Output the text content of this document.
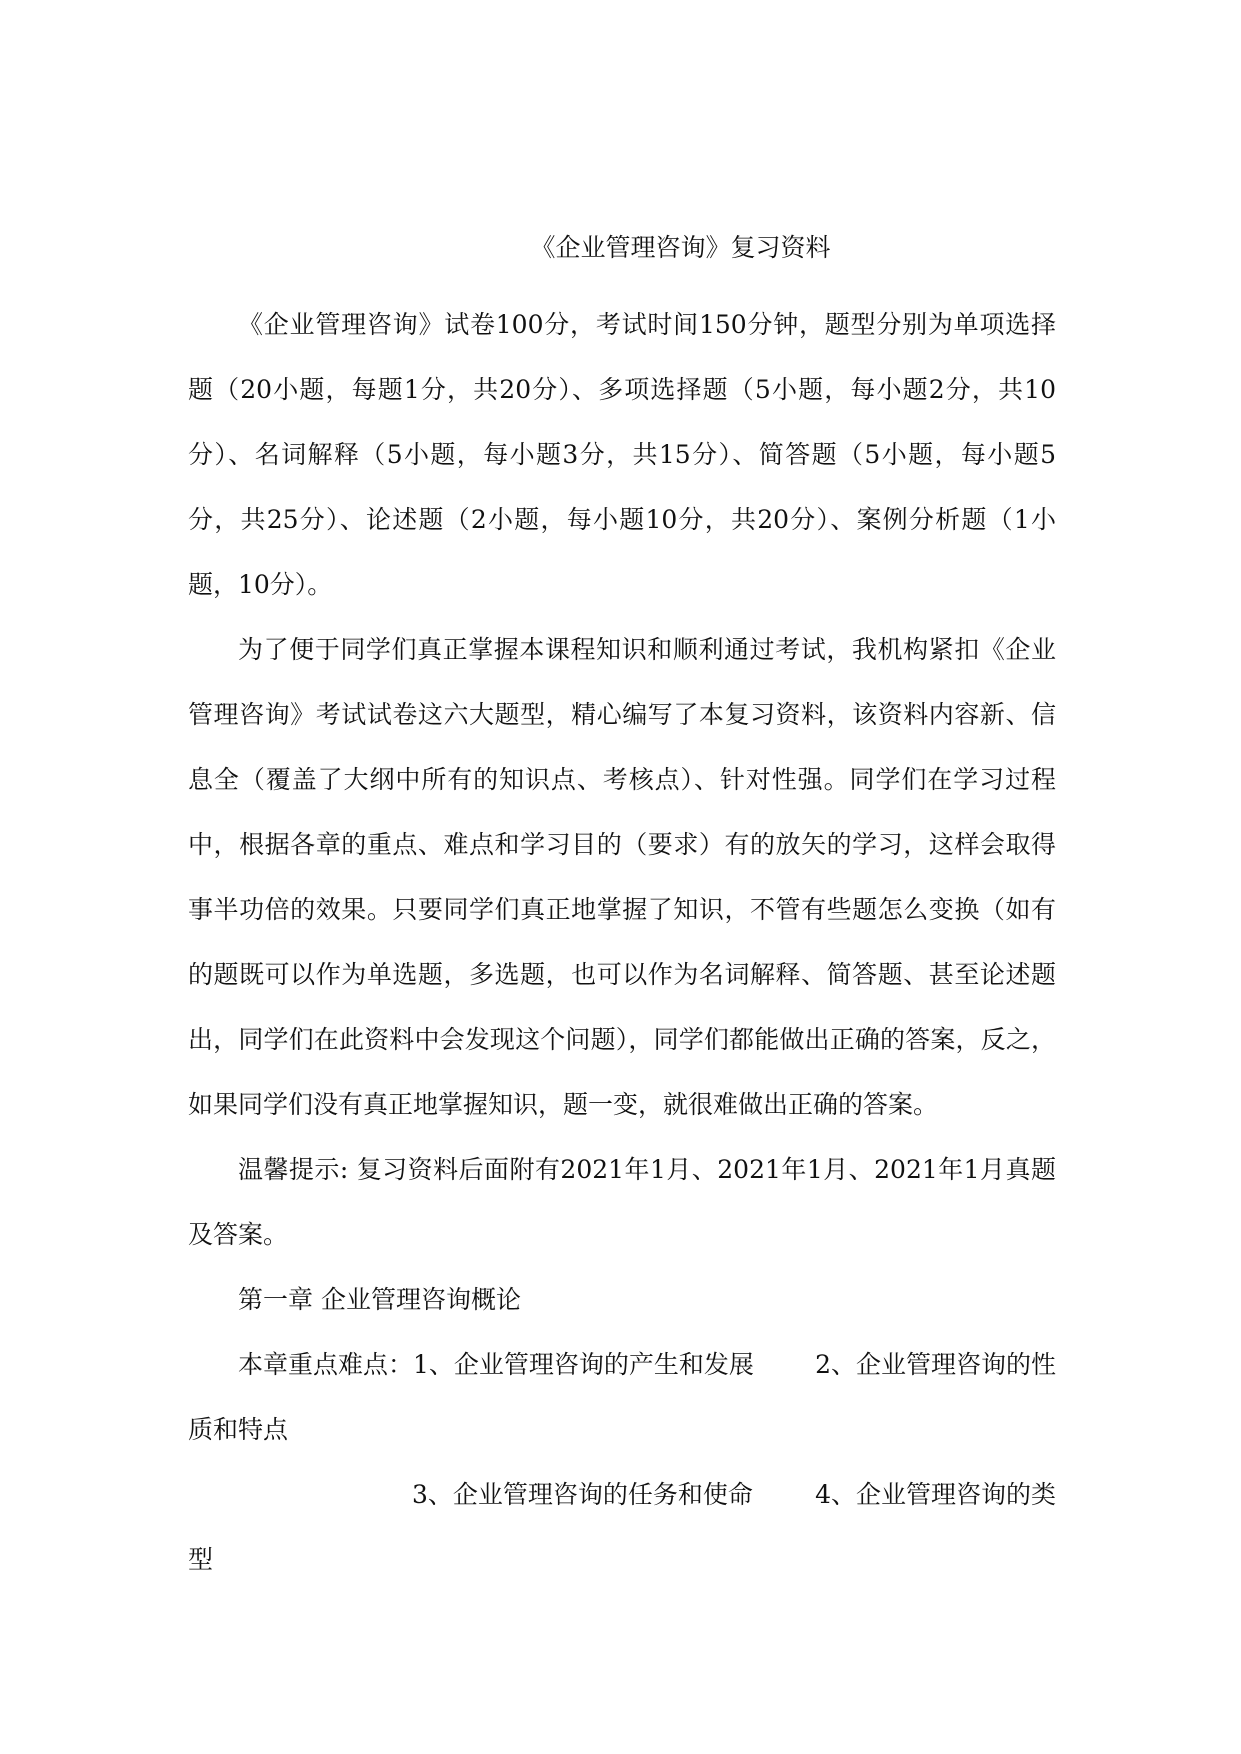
《企业管理咨询》复习资料

《企业管理咨询》试卷100分，考试时间150分钟，题型分别为单项选择题（20小题，每题1分，共20分）、多项选择题（5小题，每小题2分，共10分）、名词解释（5小题，每小题3分，共15分）、简答题（5小题，每小题5分，共25分）、论述题（2小题，每小题10分，共20分）、案例分析题（1小题，10分）。

为了便于同学们真正掌握本课程知识和顺利通过考试，我机构紧扣《企业管理咨询》考试试卷这六大题型，精心编写了本复习资料，该资料内容新、信息全（覆盖了大纲中所有的知识点、考核点）、针对性强。同学们在学习过程中，根据各章的重点、难点和学习目的（要求）有的放矢的学习，这样会取得事半功倍的效果。只要同学们真正地掌握了知识，不管有些题怎么变换（如有的题既可以作为单选题，多选题，也可以作为名词解释、简答题、甚至论述题出，同学们在此资料中会发现这个问题），同学们都能做出正确的答案，反之，如果同学们没有真正地掌握知识，题一变，就很难做出正确的答案。

温馨提示: 复习资料后面附有2021年1月、2021年1月、2021年1月真题及答案。

第一章 企业管理咨询概论

本章重点难点：1、企业管理咨询的产生和发展 2、企业管理咨询的性

质和特点

3、企业管理咨询的任务和使命 4、企业管理咨询的类

型
